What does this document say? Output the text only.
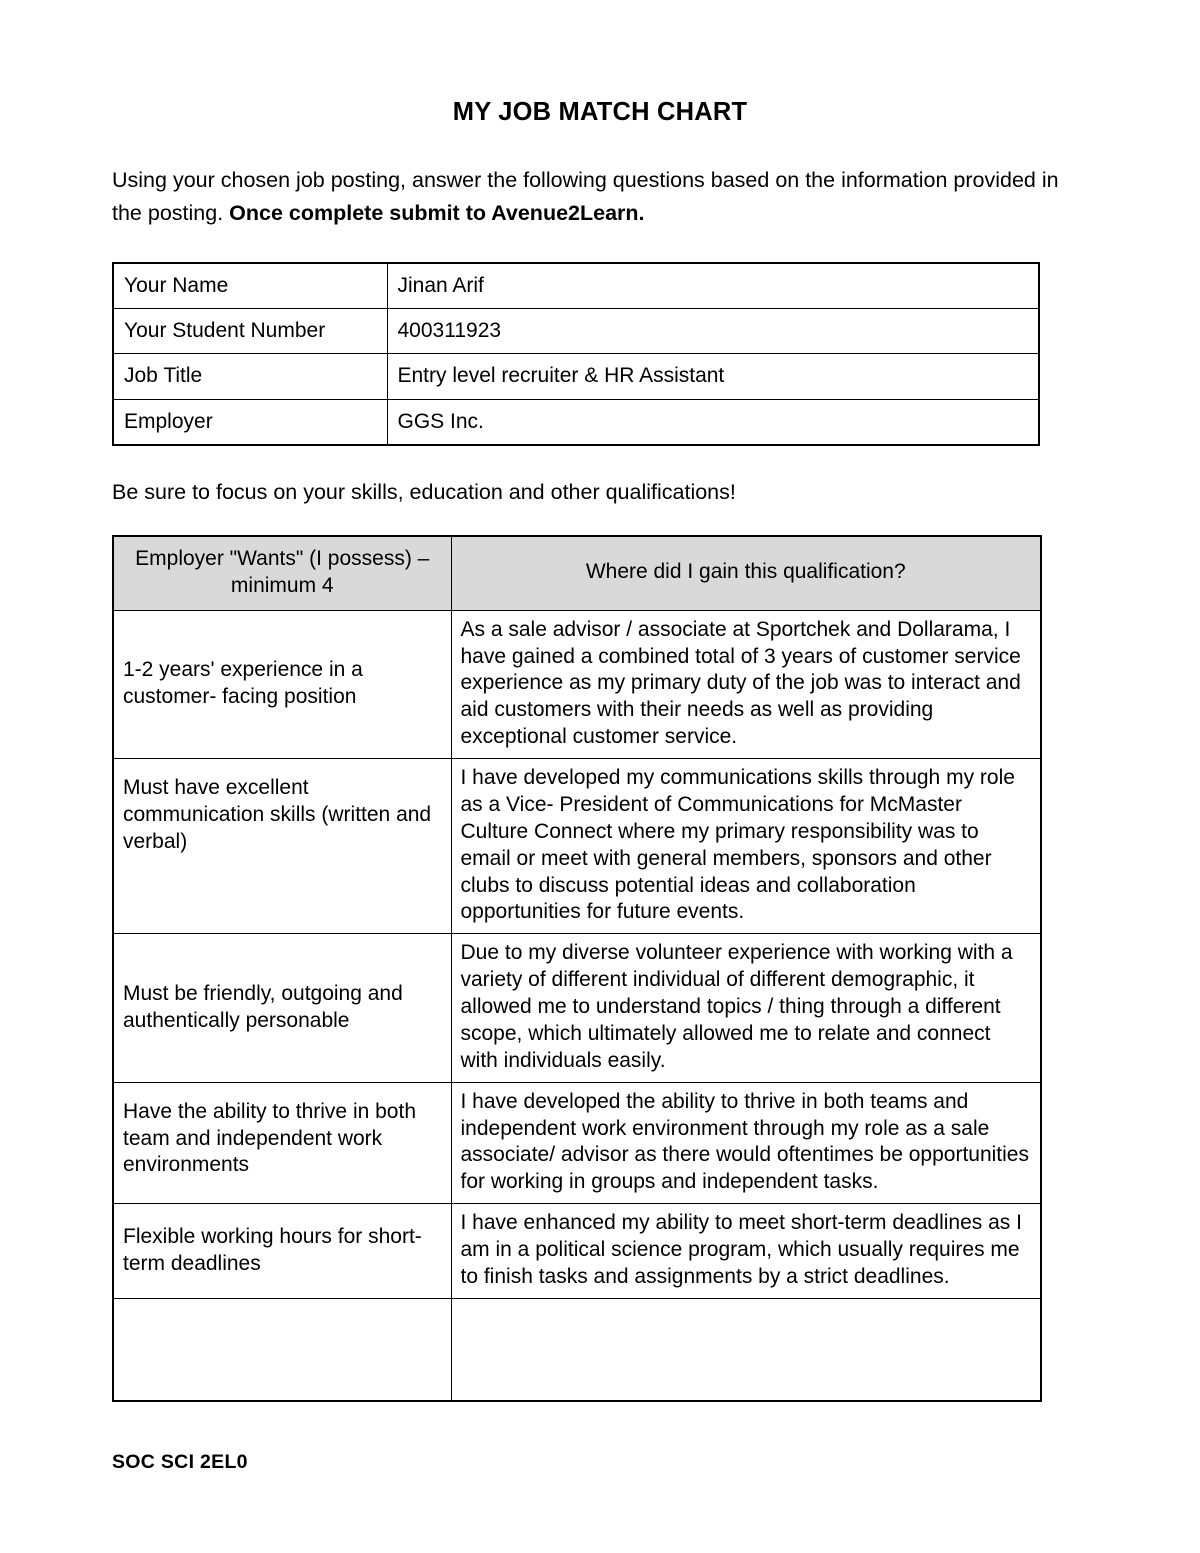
MY JOB MATCH CHART

Using your chosen job posting, answer the following questions based on the information provided in the posting. Once complete submit to Avenue2Learn.

Your Name	Jinan Arif
Your Student Number	400311923
Job Title	Entry level recruiter & HR Assistant
Employer	GGS Inc.

Be sure to focus on your skills, education and other qualifications!

Employer "Wants" (I possess) – minimum 4	Where did I gain this qualification?
1-2 years' experience in a customer- facing position	As a sale advisor / associate at Sportchek and Dollarama, I have gained a combined total of 3 years of customer service experience as my primary duty of the job was to interact and aid customers with their needs as well as providing exceptional customer service.
Must have excellent communication skills (written and verbal)	I have developed my communications skills through my role as a Vice- President of Communications for McMaster Culture Connect where my primary responsibility was to email or meet with general members, sponsors and other clubs to discuss potential ideas and collaboration opportunities for future events.
Must be friendly, outgoing and authentically personable	Due to my diverse volunteer experience with working with a variety of different individual of different demographic, it allowed me to understand topics / thing through a different scope, which ultimately allowed me to relate and connect with individuals easily.
Have the ability to thrive in both team and independent work environments	I have developed the ability to thrive in both teams and independent work environment through my role as a sale associate/ advisor as there would oftentimes be opportunities for working in groups and independent tasks.
Flexible working hours for short-term deadlines	I have enhanced my ability to meet short-term deadlines as I am in a political science program, which usually requires me to finish tasks and assignments by a strict deadlines.

SOC SCI 2EL0
